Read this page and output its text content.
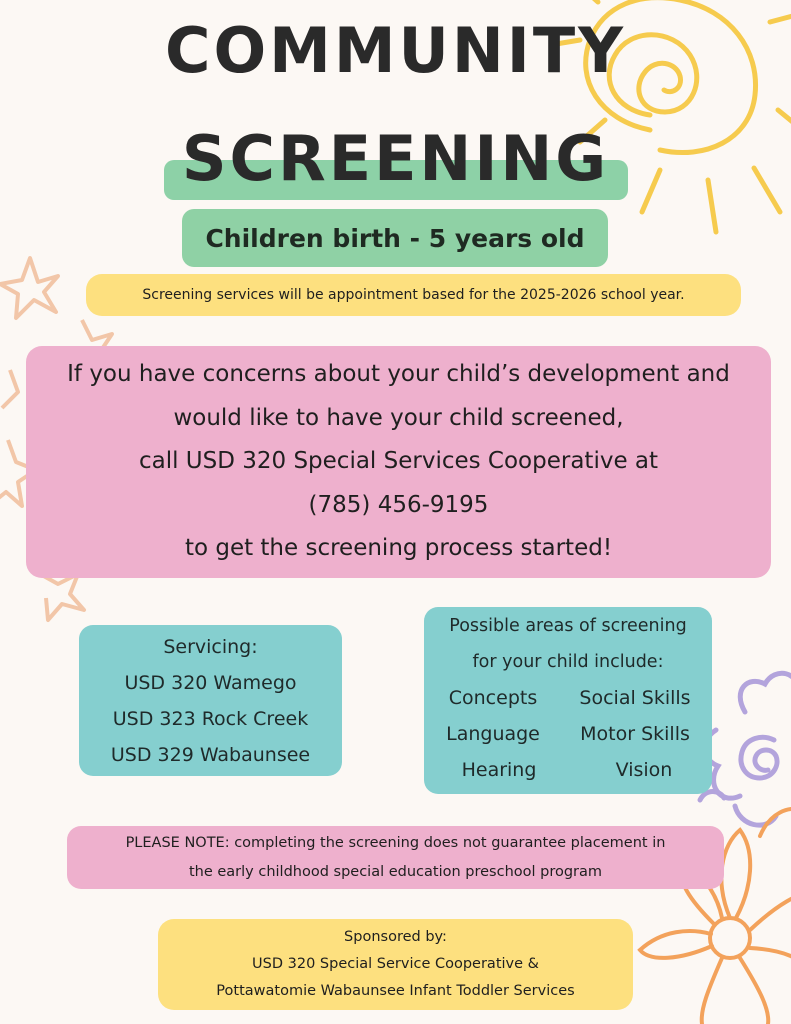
COMMUNITY
SCREENING
Children birth - 5 years old
Screening services will be appointment based for the 2025-2026 school year.
If you have concerns about your child’s development and
would like to have your child screened,
call USD 320 Special Services Cooperative at
(785) 456-9195
to get the screening process started!
Servicing:
USD 320 Wamego
USD 323 Rock Creek
USD 329 Wabaunsee
Possible areas of screening
for your child include:
Concepts	Social Skills
Language	Motor Skills
Hearing	Vision
PLEASE NOTE: completing the screening does not guarantee placement in
the early childhood special education preschool program
Sponsored by:
USD 320 Special Service Cooperative &
Pottawatomie Wabaunsee Infant Toddler Services
